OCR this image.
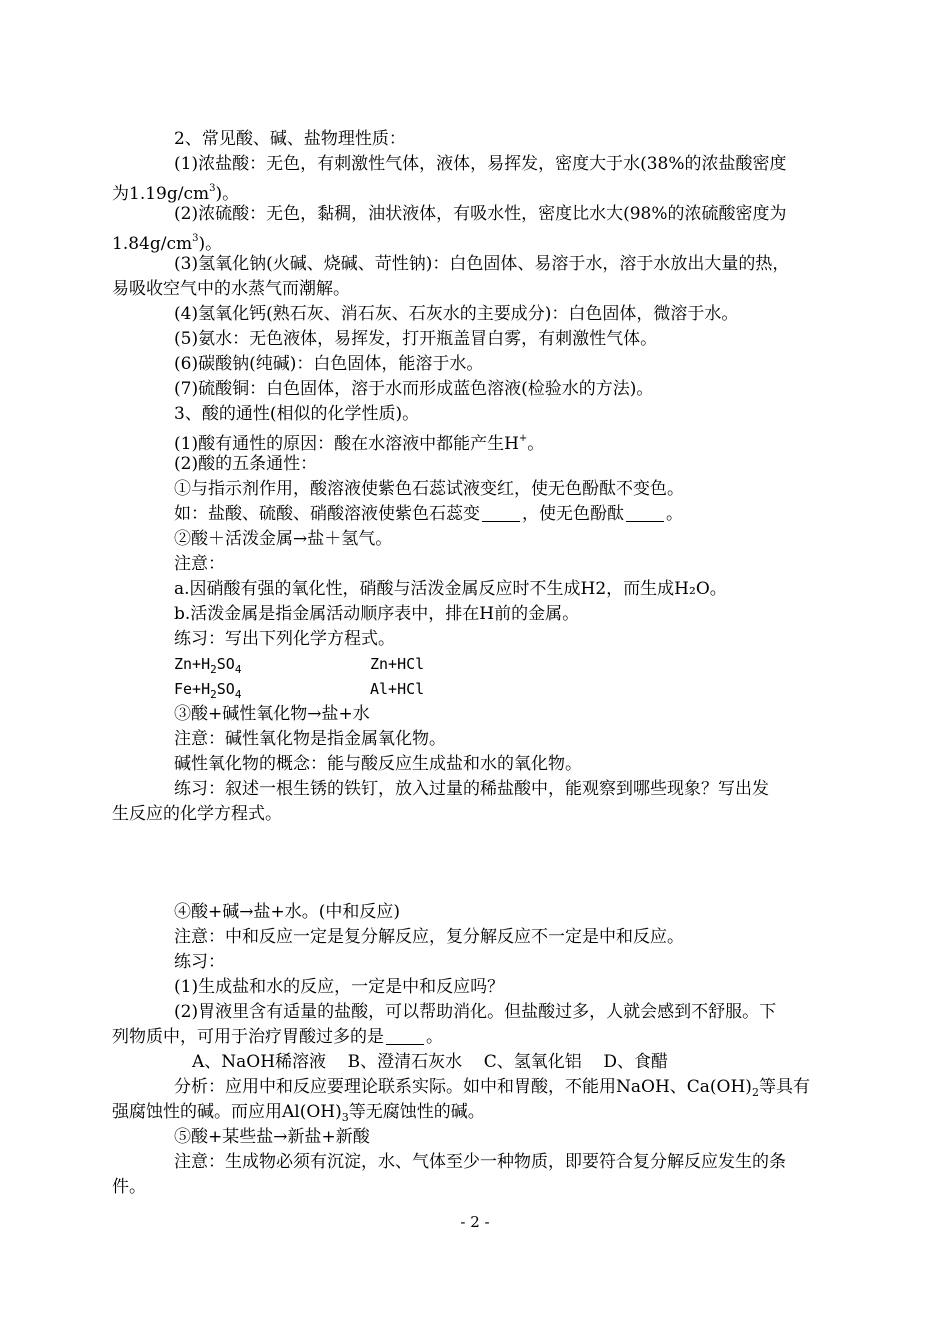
2、常见酸、碱、盐物理性质：
(1)浓盐酸：无色，有刺激性气体，液体，易挥发，密度大于水(38%的浓盐酸密度
为$1.19g/cm^3$)。
(2)浓硫酸：无色，黏稠，油状液体，有吸水性，密度比水大(98%的浓硫酸密度为
$1.84g/cm^3$)。
(3)氢氧化钠(火碱、烧碱、苛性钠)：白色固体、易溶于水，溶于水放出大量的热，
易吸收空气中的水蒸气而潮解。
(4)氢氧化钙(熟石灰、消石灰、石灰水的主要成分)：白色固体，微溶于水。
(5)氨水：无色液体，易挥发，打开瓶盖冒白雾，有刺激性气体。
(6)碳酸钠(纯碱)：白色固体，能溶于水。
(7)硫酸铜：白色固体，溶于水而形成蓝色溶液(检验水的方法)。
3、酸的通性(相似的化学性质)。
(1)酸有通性的原因：酸在水溶液中都能产生H+。
(2)酸的五条通性：
①与指示剂作用，酸溶液使紫色石蕊试液变红，使无色酚酞不变色。
如：盐酸、硫酸、硝酸溶液使紫色石蕊变 ，使无色酚酞 。
②酸＋活泼金属→盐＋氢气。
注意：
a.因硝酸有强的氧化性，硝酸与活泼金属反应时不生成H2，而生成H₂O。
b.活泼金属是指金属活动顺序表中，排在H前的金属。
练习：写出下列化学方程式。
$Zn+H_2SO_4$	Zn+HCl
$Fe+H_2SO_4$	Al+HCl
③酸+碱性氧化物→盐+水
注意：碱性氧化物是指金属氧化物。
碱性氧化物的概念：能与酸反应生成盐和水的氧化物。
练习：叙述一根生锈的铁钉，放入过量的稀盐酸中，能观察到哪些现象？写出发
生反应的化学方程式。
④酸+碱→盐+水。(中和反应)
注意：中和反应一定是复分解反应，复分解反应不一定是中和反应。
练习：
(1)生成盐和水的反应，一定是中和反应吗？
(2)胃液里含有适量的盐酸，可以帮助消化。但盐酸过多，人就会感到不舒服。下
列物质中，可用于治疗胃酸过多的是 。
A、NaOH稀溶液    B、澄清石灰水    C、氢氧化铝    D、食醋
分析：应用中和反应要理论联系实际。如中和胃酸，不能用NaOH、$Ca(OH)_2$等具有
强腐蚀性的碱。而应用$Al(OH)_3$等无腐蚀性的碱。
⑤酸+某些盐→新盐+新酸
注意：生成物必须有沉淀，水、气体至少一种物质，即要符合复分解反应发生的条
件。
- 2 -
